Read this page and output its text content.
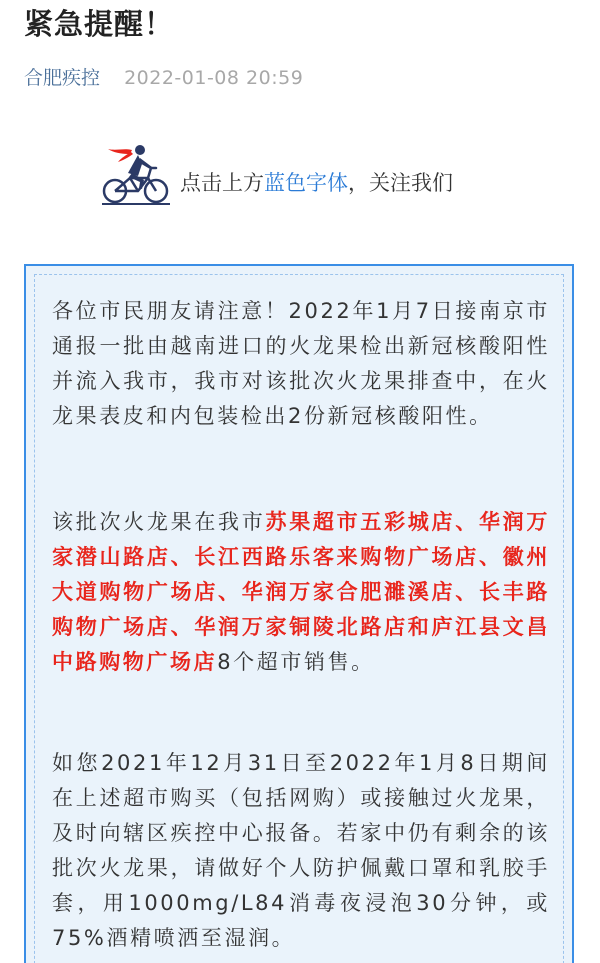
紧急提醒！
合肥疾控 2022-01-08 20:59
点击上方蓝色字体，关注我们

各位市民朋友请注意！2022年1月7日接南京市通报一批由越南进口的火龙果检出新冠核酸阳性并流入我市，我市对该批次火龙果排查中，在火龙果表皮和内包装检出2份新冠核酸阳性。

该批次火龙果在我市苏果超市五彩城店、华润万家潜山路店、长江西路乐客来购物广场店、徽州大道购物广场店、华润万家合肥濉溪店、长丰路购物广场店、华润万家铜陵北路店和庐江县文昌中路购物广场店8个超市销售。

如您2021年12月31日至2022年1月8日期间在上述超市购买（包括网购）或接触过火龙果，及时向辖区疾控中心报备。若家中仍有剩余的该批次火龙果，请做好个人防护佩戴口罩和乳胶手套，用1000mg/L84消毒夜浸泡30分钟，或75%酒精喷洒至湿润。
